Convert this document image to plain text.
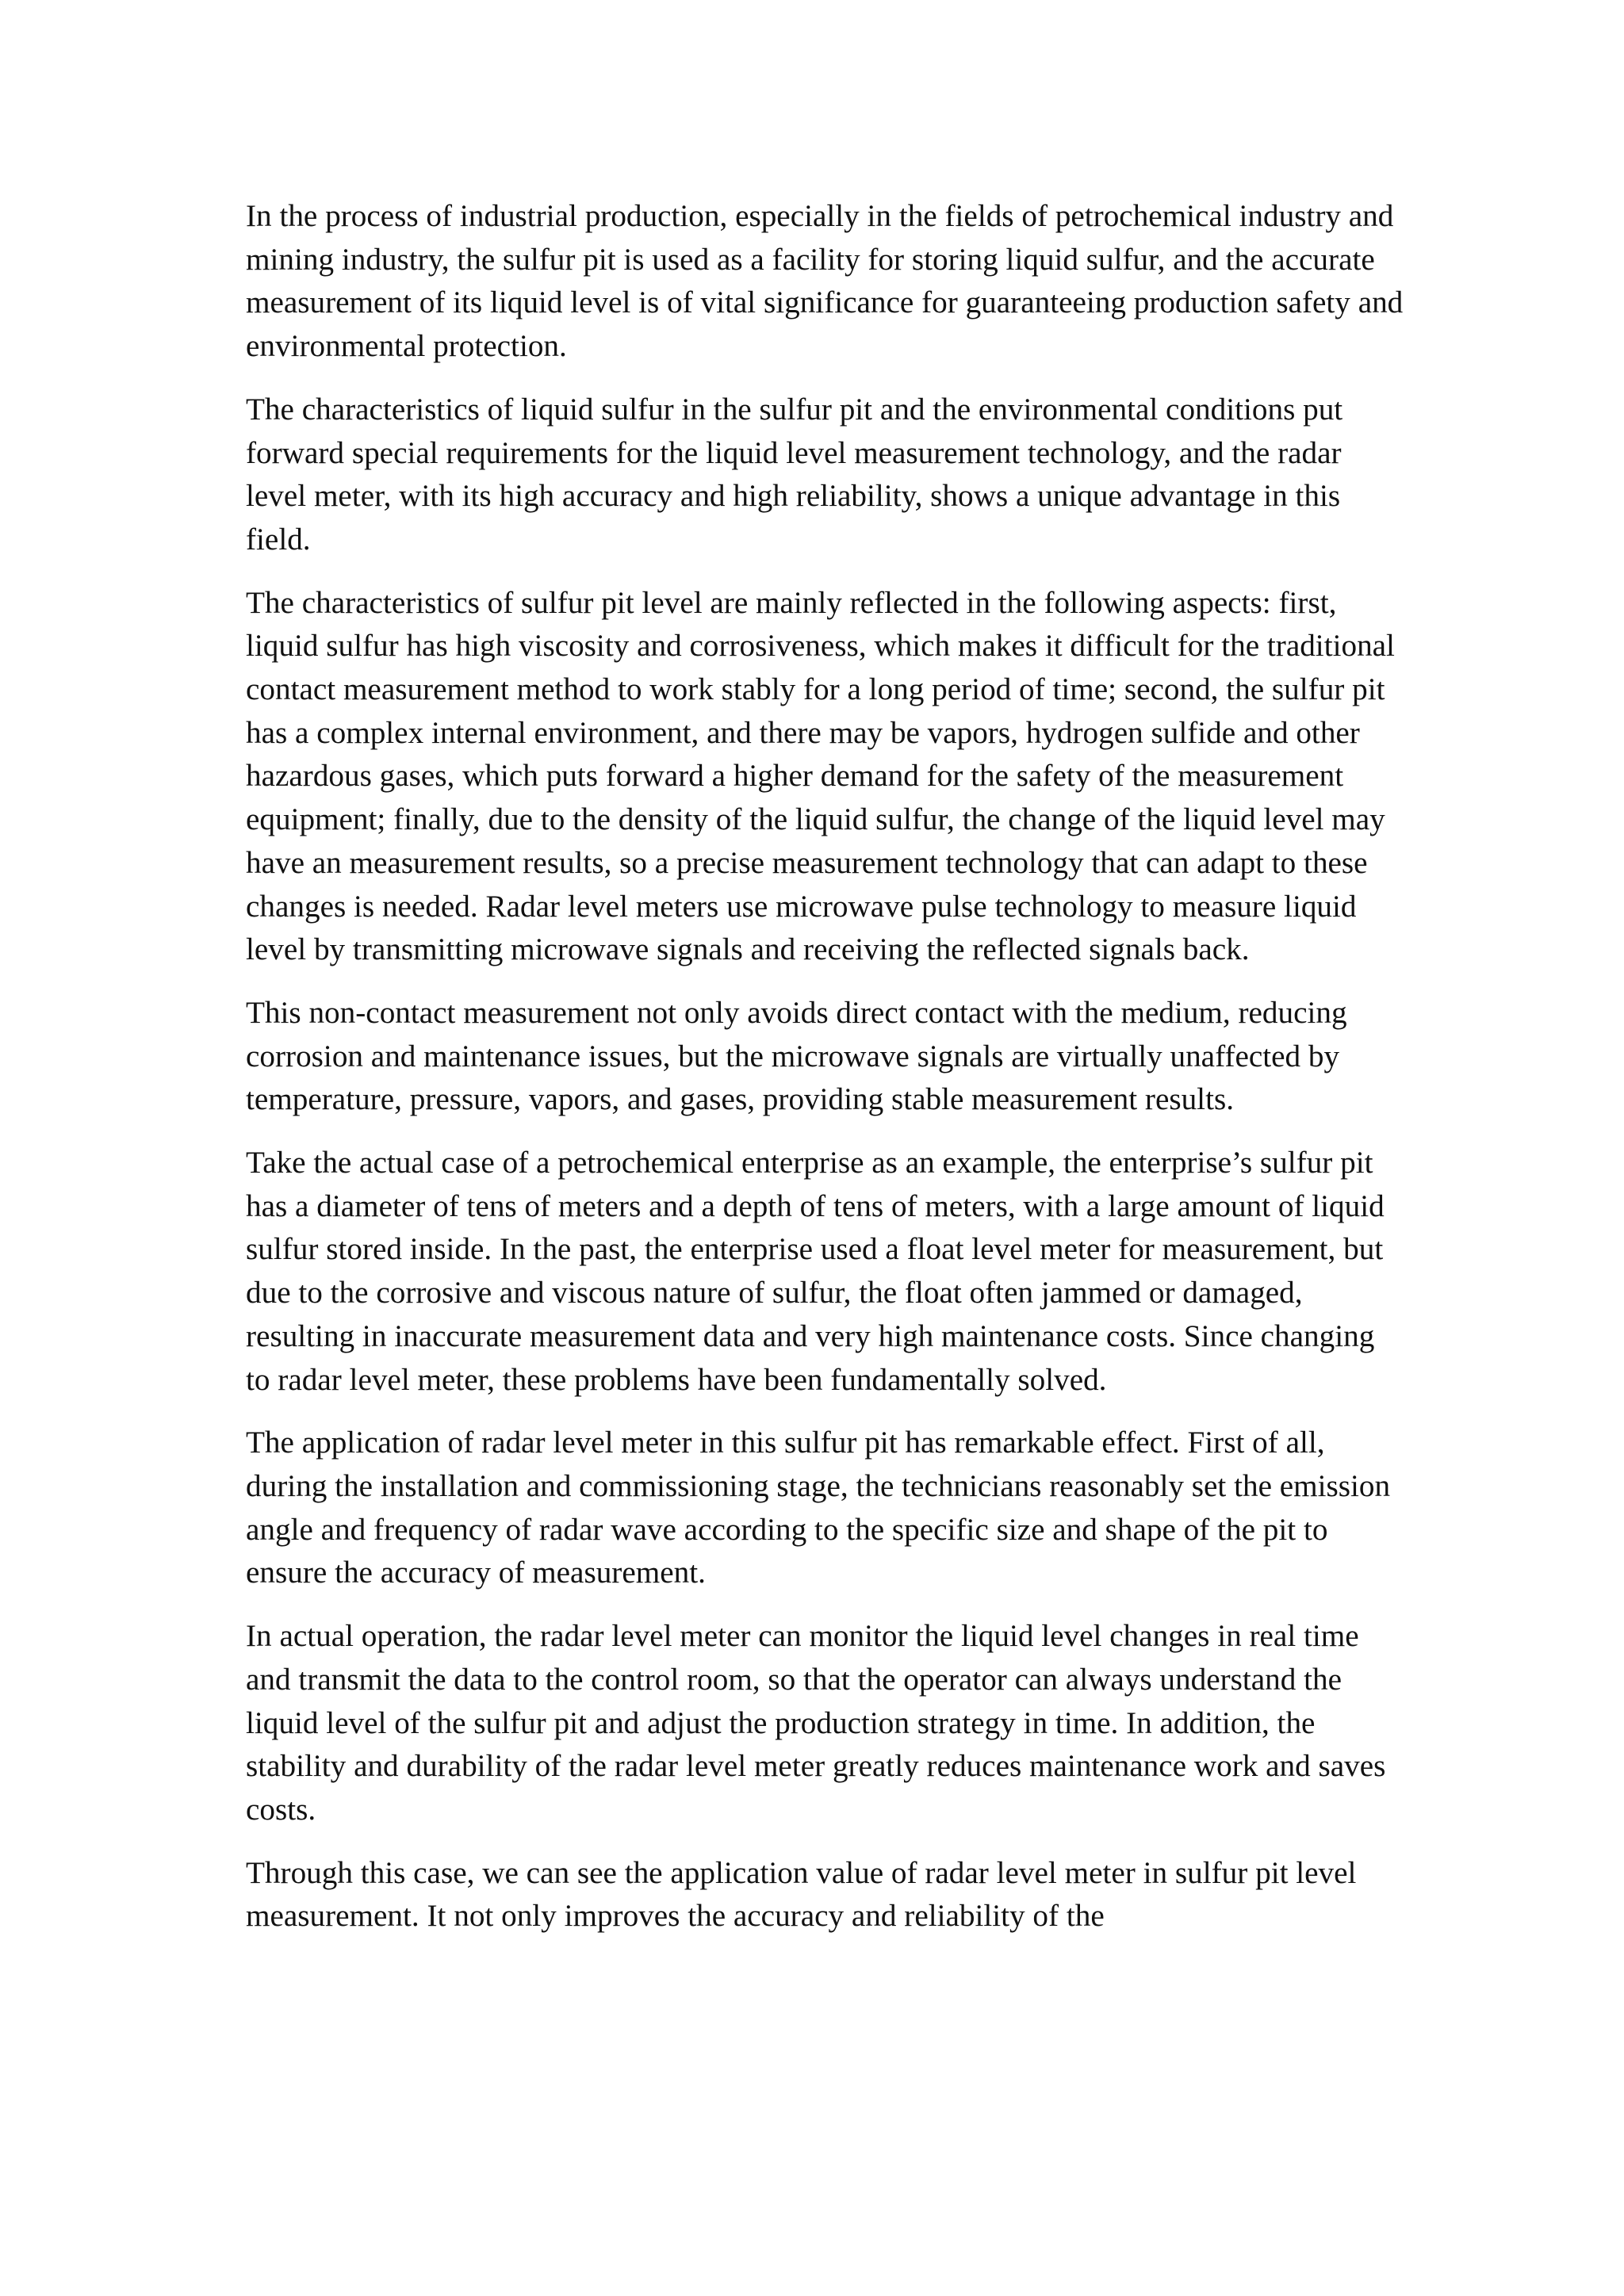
In the process of industrial production, especially in the fields of petrochemical industry and mining industry, the sulfur pit is used as a facility for storing liquid sulfur, and the accurate measurement of its liquid level is of vital significance for guaranteeing production safety and environmental protection.

The characteristics of liquid sulfur in the sulfur pit and the environmental conditions put forward special requirements for the liquid level measurement technology, and the radar level meter, with its high accuracy and high reliability, shows a unique advantage in this field.

The characteristics of sulfur pit level are mainly reflected in the following aspects: first, liquid sulfur has high viscosity and corrosiveness, which makes it difficult for the traditional contact measurement method to work stably for a long period of time; second, the sulfur pit has a complex internal environment, and there may be vapors, hydrogen sulfide and other hazardous gases, which puts forward a higher demand for the safety of the measurement equipment; finally, due to the density of the liquid sulfur, the change of the liquid level may have an measurement results, so a precise measurement technology that can adapt to these changes is needed. Radar level meters use microwave pulse technology to measure liquid level by transmitting microwave signals and receiving the reflected signals back.

This non-contact measurement not only avoids direct contact with the medium, reducing corrosion and maintenance issues, but the microwave signals are virtually unaffected by temperature, pressure, vapors, and gases, providing stable measurement results.

Take the actual case of a petrochemical enterprise as an example, the enterprise’s sulfur pit has a diameter of tens of meters and a depth of tens of meters, with a large amount of liquid sulfur stored inside. In the past, the enterprise used a float level meter for measurement, but due to the corrosive and viscous nature of sulfur, the float often jammed or damaged, resulting in inaccurate measurement data and very high maintenance costs. Since changing to radar level meter, these problems have been fundamentally solved.

The application of radar level meter in this sulfur pit has remarkable effect. First of all, during the installation and commissioning stage, the technicians reasonably set the emission angle and frequency of radar wave according to the specific size and shape of the pit to ensure the accuracy of measurement.

In actual operation, the radar level meter can monitor the liquid level changes in real time and transmit the data to the control room, so that the operator can always understand the liquid level of the sulfur pit and adjust the production strategy in time. In addition, the stability and durability of the radar level meter greatly reduces maintenance work and saves costs.

Through this case, we can see the application value of radar level meter in sulfur pit level measurement. It not only improves the accuracy and reliability of the
